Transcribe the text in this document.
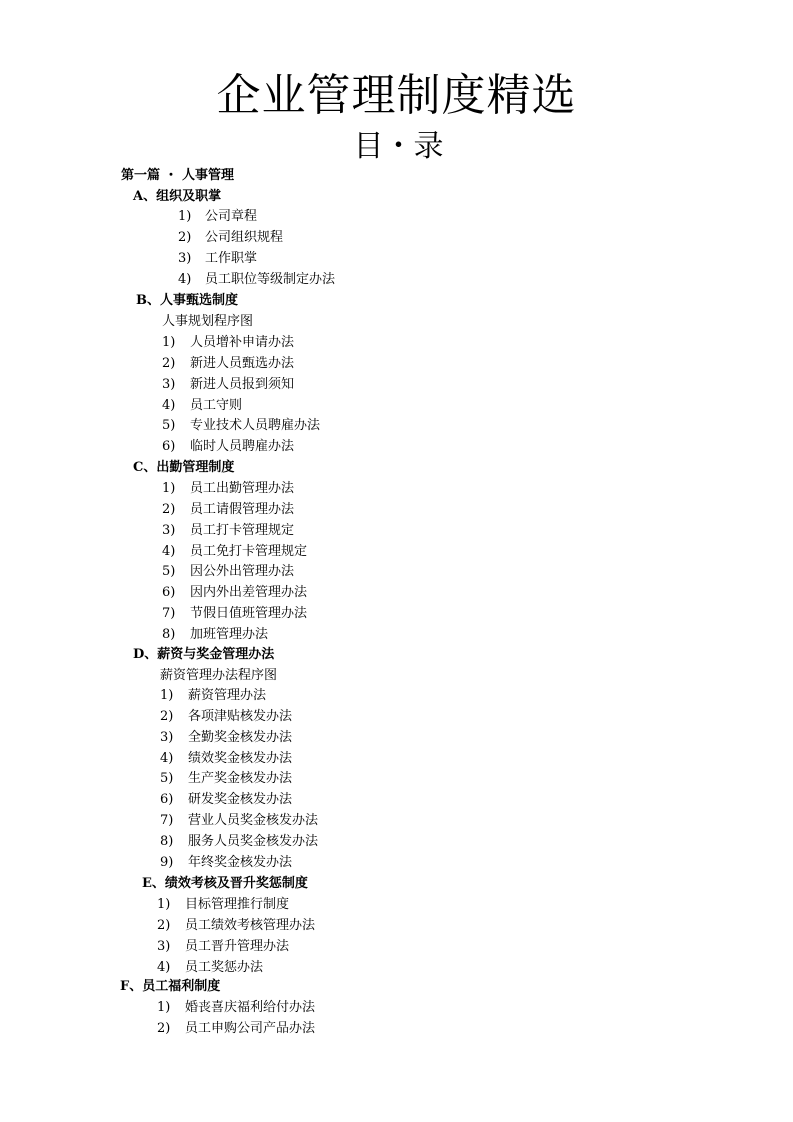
企业管理制度精选
目・录
第一篇 ・ 人事管理
A、组织及职掌
1) 公司章程
2) 公司组织规程
3) 工作职掌
4) 员工职位等级制定办法
B、人事甄选制度
人事规划程序图
1) 人员增补申请办法
2) 新进人员甄选办法
3) 新进人员报到须知
4) 员工守则
5) 专业技术人员聘雇办法
6) 临时人员聘雇办法
C、出勤管理制度
1) 员工出勤管理办法
2) 员工请假管理办法
3) 员工打卡管理规定
4) 员工免打卡管理规定
5) 因公外出管理办法
6) 因内外出差管理办法
7) 节假日值班管理办法
8) 加班管理办法
D、薪资与奖金管理办法
薪资管理办法程序图
1) 薪资管理办法
2) 各项津贴核发办法
3) 全勤奖金核发办法
4) 绩效奖金核发办法
5) 生产奖金核发办法
6) 研发奖金核发办法
7) 营业人员奖金核发办法
8) 服务人员奖金核发办法
9) 年终奖金核发办法
E、绩效考核及晋升奖惩制度
1) 目标管理推行制度
2) 员工绩效考核管理办法
3) 员工晋升管理办法
4) 员工奖惩办法
F、员工福利制度
1) 婚丧喜庆福利给付办法
2) 员工申购公司产品办法
